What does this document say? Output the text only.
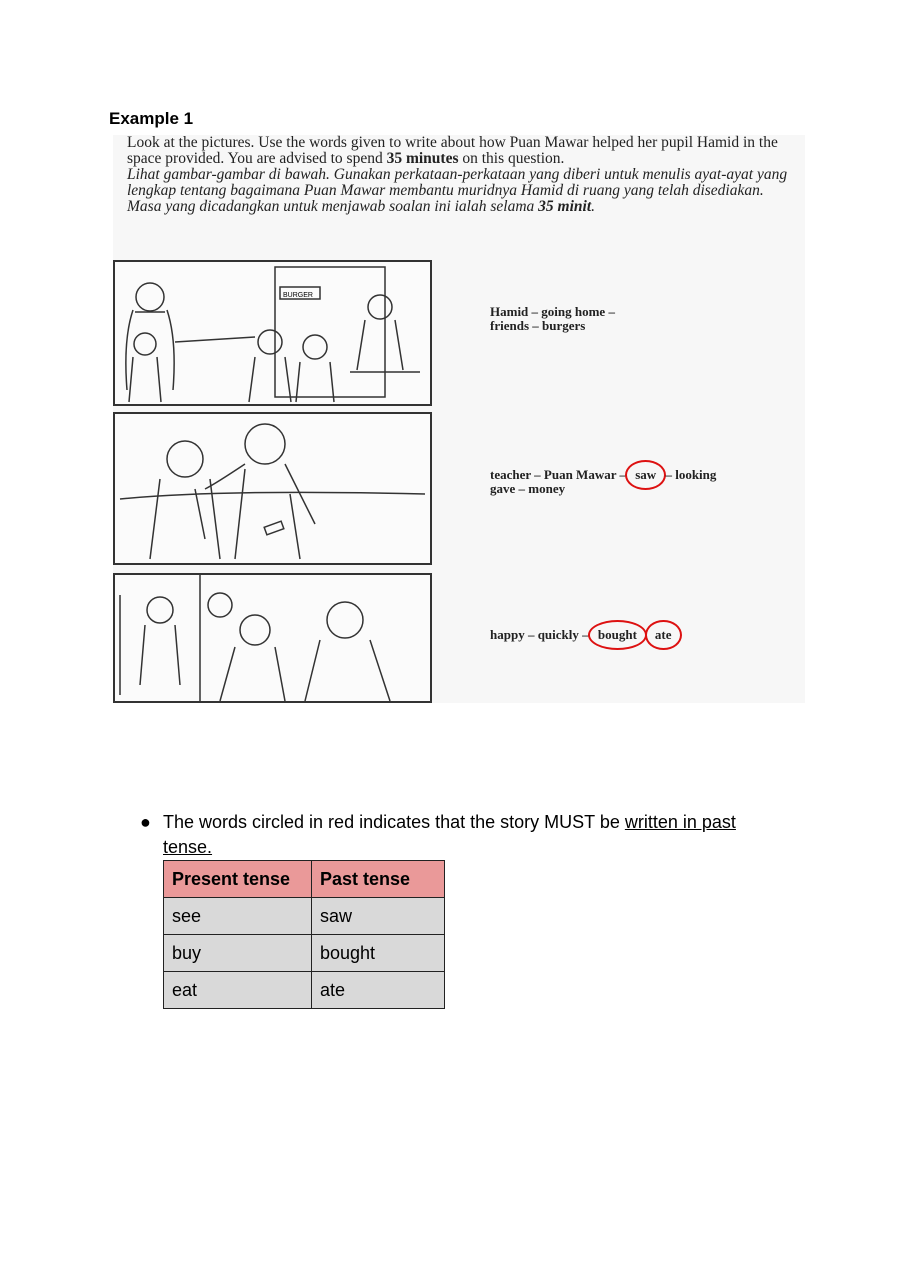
Example 1

Look at the pictures. Use the words given to write about how Puan Mawar helped her pupil Hamid in the space provided. You are advised to spend 35 minutes on this question.

Lihat gambar-gambar di bawah. Gunakan perkataan-perkataan yang diberi untuk menulis ayat-ayat yang lengkap tentang bagaimana Puan Mawar membantu muridnya Hamid di ruang yang telah disediakan. Masa yang dicadangkan untuk menjawab soalan ini ialah selama 35 minit.

BURGER
Hamid – going home –
friends – burgers
teacher – Puan Mawar – saw – looking
gave – money
happy – quickly – bought ate
● The words circled in red indicates that the story MUST be written in past tense.
Present tense	Past tense
see	saw
buy	bought
eat	ate
